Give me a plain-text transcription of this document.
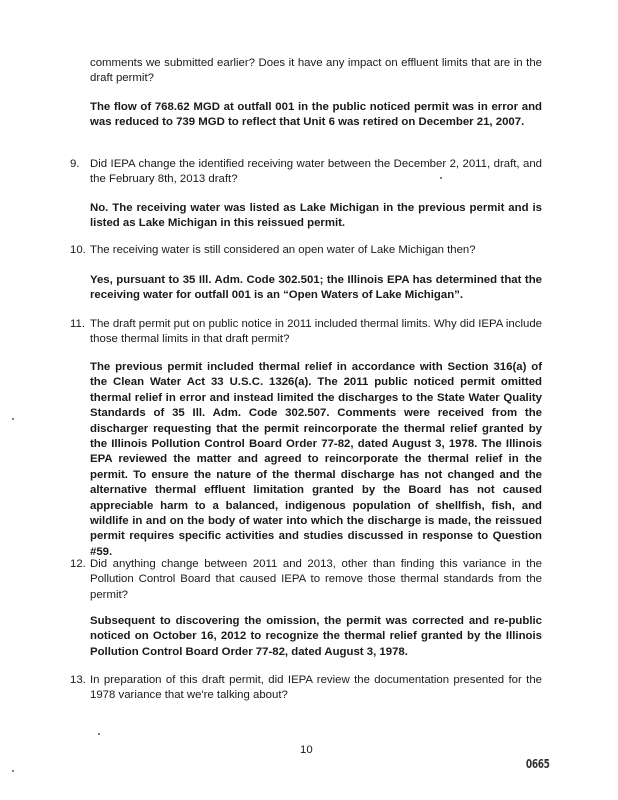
comments we submitted earlier? Does it have any impact on effluent limits that are in the draft permit?

The flow of 768.62 MGD at outfall 001 in the public noticed permit was in error and was reduced to 739 MGD to reflect that Unit 6 was retired on December 21, 2007.

9. Did IEPA change the identified receiving water between the December 2, 2011, draft, and the February 8th, 2013 draft?

No. The receiving water was listed as Lake Michigan in the previous permit and is listed as Lake Michigan in this reissued permit.

10. The receiving water is still considered an open water of Lake Michigan then?

Yes, pursuant to 35 Ill. Adm. Code 302.501; the Illinois EPA has determined that the receiving water for outfall 001 is an “Open Waters of Lake Michigan”.

11. The draft permit put on public notice in 2011 included thermal limits. Why did IEPA include those thermal limits in that draft permit?

The previous permit included thermal relief in accordance with Section 316(a) of the Clean Water Act 33 U.S.C. 1326(a). The 2011 public noticed permit omitted thermal relief in error and instead limited the discharges to the State Water Quality Standards of 35 Ill. Adm. Code 302.507. Comments were received from the discharger requesting that the permit reincorporate the thermal relief granted by the Illinois Pollution Control Board Order 77-82, dated August 3, 1978. The Illinois EPA reviewed the matter and agreed to reincorporate the thermal relief in the permit. To ensure the nature of the thermal discharge has not changed and the alternative thermal effluent limitation granted by the Board has not caused appreciable harm to a balanced, indigenous population of shellfish, fish, and wildlife in and on the body of water into which the discharge is made, the reissued permit requires specific activities and studies discussed in response to Question #59.

12. Did anything change between 2011 and 2013, other than finding this variance in the Pollution Control Board that caused IEPA to remove those thermal standards from the permit?

Subsequent to discovering the omission, the permit was corrected and re-public noticed on October 16, 2012 to recognize the thermal relief granted by the Illinois Pollution Control Board Order 77-82, dated August 3, 1978.

13. In preparation of this draft permit, did IEPA review the documentation presented for the 1978 variance that we're talking about?

10
0665
